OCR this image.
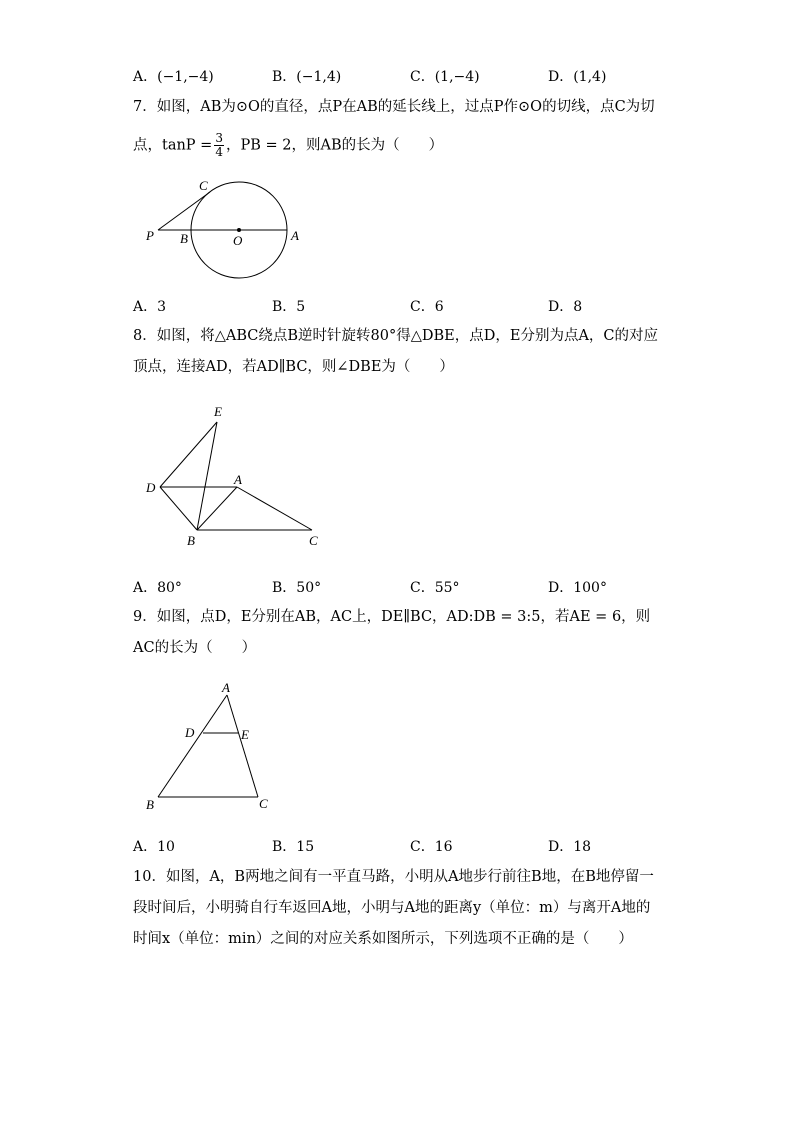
A．(−1,−4)	B．(−1,4)	C．(1,−4)	D．(1,4)
7．如图，AB为⊙O的直径，点P在AB的延长线上，过点P作⊙O的切线，点C为切
点，$\tan P = \frac{3}{4}$ ，PB = 2，则AB的长为（　　）
C
P B	O	A
A．3	B．5	C．6	D．8
8．如图，将△ABC绕点B逆时针旋转80°得△DBE，点D，E分别为点A，C的对应
顶点，连接AD，若AD∥BC，则∠DBE为（　　）
E
D
A
B	C
A．80°	B．50°	C．55°	D．100°
9．如图，点D，E分别在AB，AC上，DE∥BC，AD:DB = 3:5，若AE = 6，则
AC的长为（　　）
A
D	E
B	C
A．10	B．15	C．16	D．18
10．如图，A，B两地之间有一平直马路，小明从A地步行前往B地，在B地停留一
段时间后，小明骑自行车返回A地，小明与A地的距离y（单位：m）与离开A地的
时间x（单位：min）之间的对应关系如图所示，下列选项不正确的是（　　）
